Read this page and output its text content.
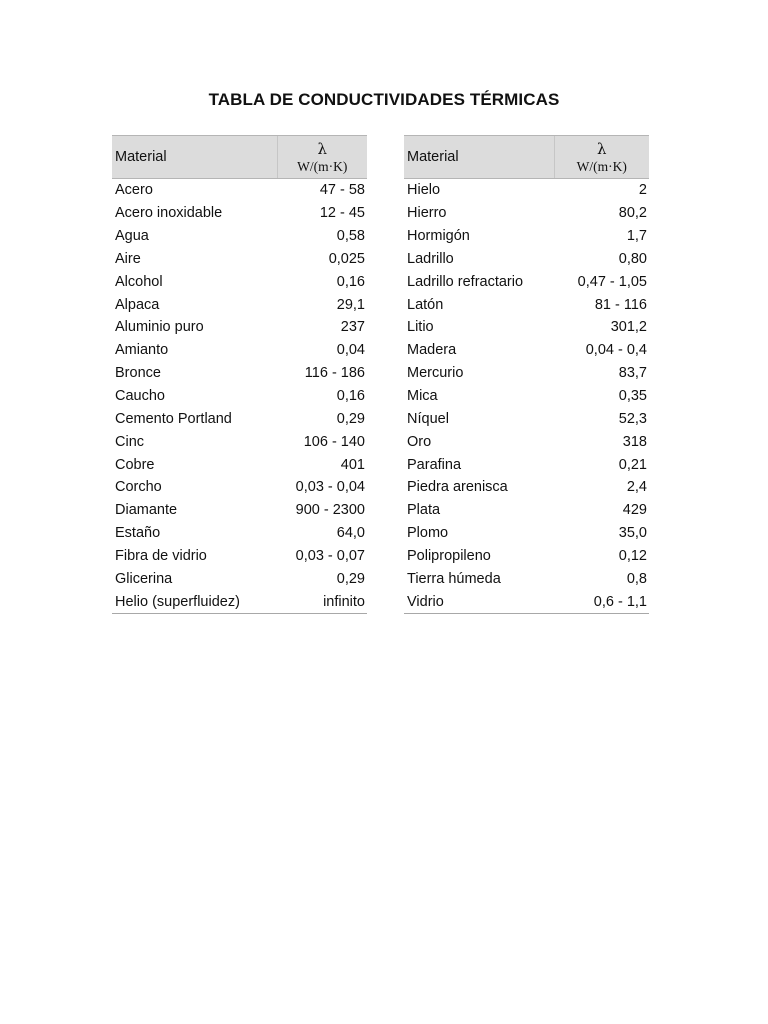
TABLA DE CONDUCTIVIDADES TÉRMICAS
Material	λ
W/(m·K)

Acero	47 - 58
Acero inoxidable	12 - 45
Agua	0,58
Aire	0,025
Alcohol	0,16
Alpaca	29,1
Aluminio puro	237
Amianto	0,04
Bronce	116 - 186
Caucho	0,16
Cemento Portland	0,29
Cinc	106 - 140
Cobre	401
Corcho	0,03 - 0,04
Diamante	900 - 2300
Estaño	64,0
Fibra de vidrio	0,03 - 0,07
Glicerina	0,29
Helio (superfluidez)	infinito
Material	λ
W/(m·K)

Hielo	2
Hierro	80,2
Hormigón	1,7
Ladrillo	0,80
Ladrillo refractario	0,47 - 1,05
Latón	81 - 116
Litio	301,2
Madera	0,04 - 0,4
Mercurio	83,7
Mica	0,35
Níquel	52,3
Oro	318
Parafina	0,21
Piedra arenisca	2,4
Plata	429
Plomo	35,0
Polipropileno	0,12
Tierra húmeda	0,8
Vidrio	0,6 - 1,1
